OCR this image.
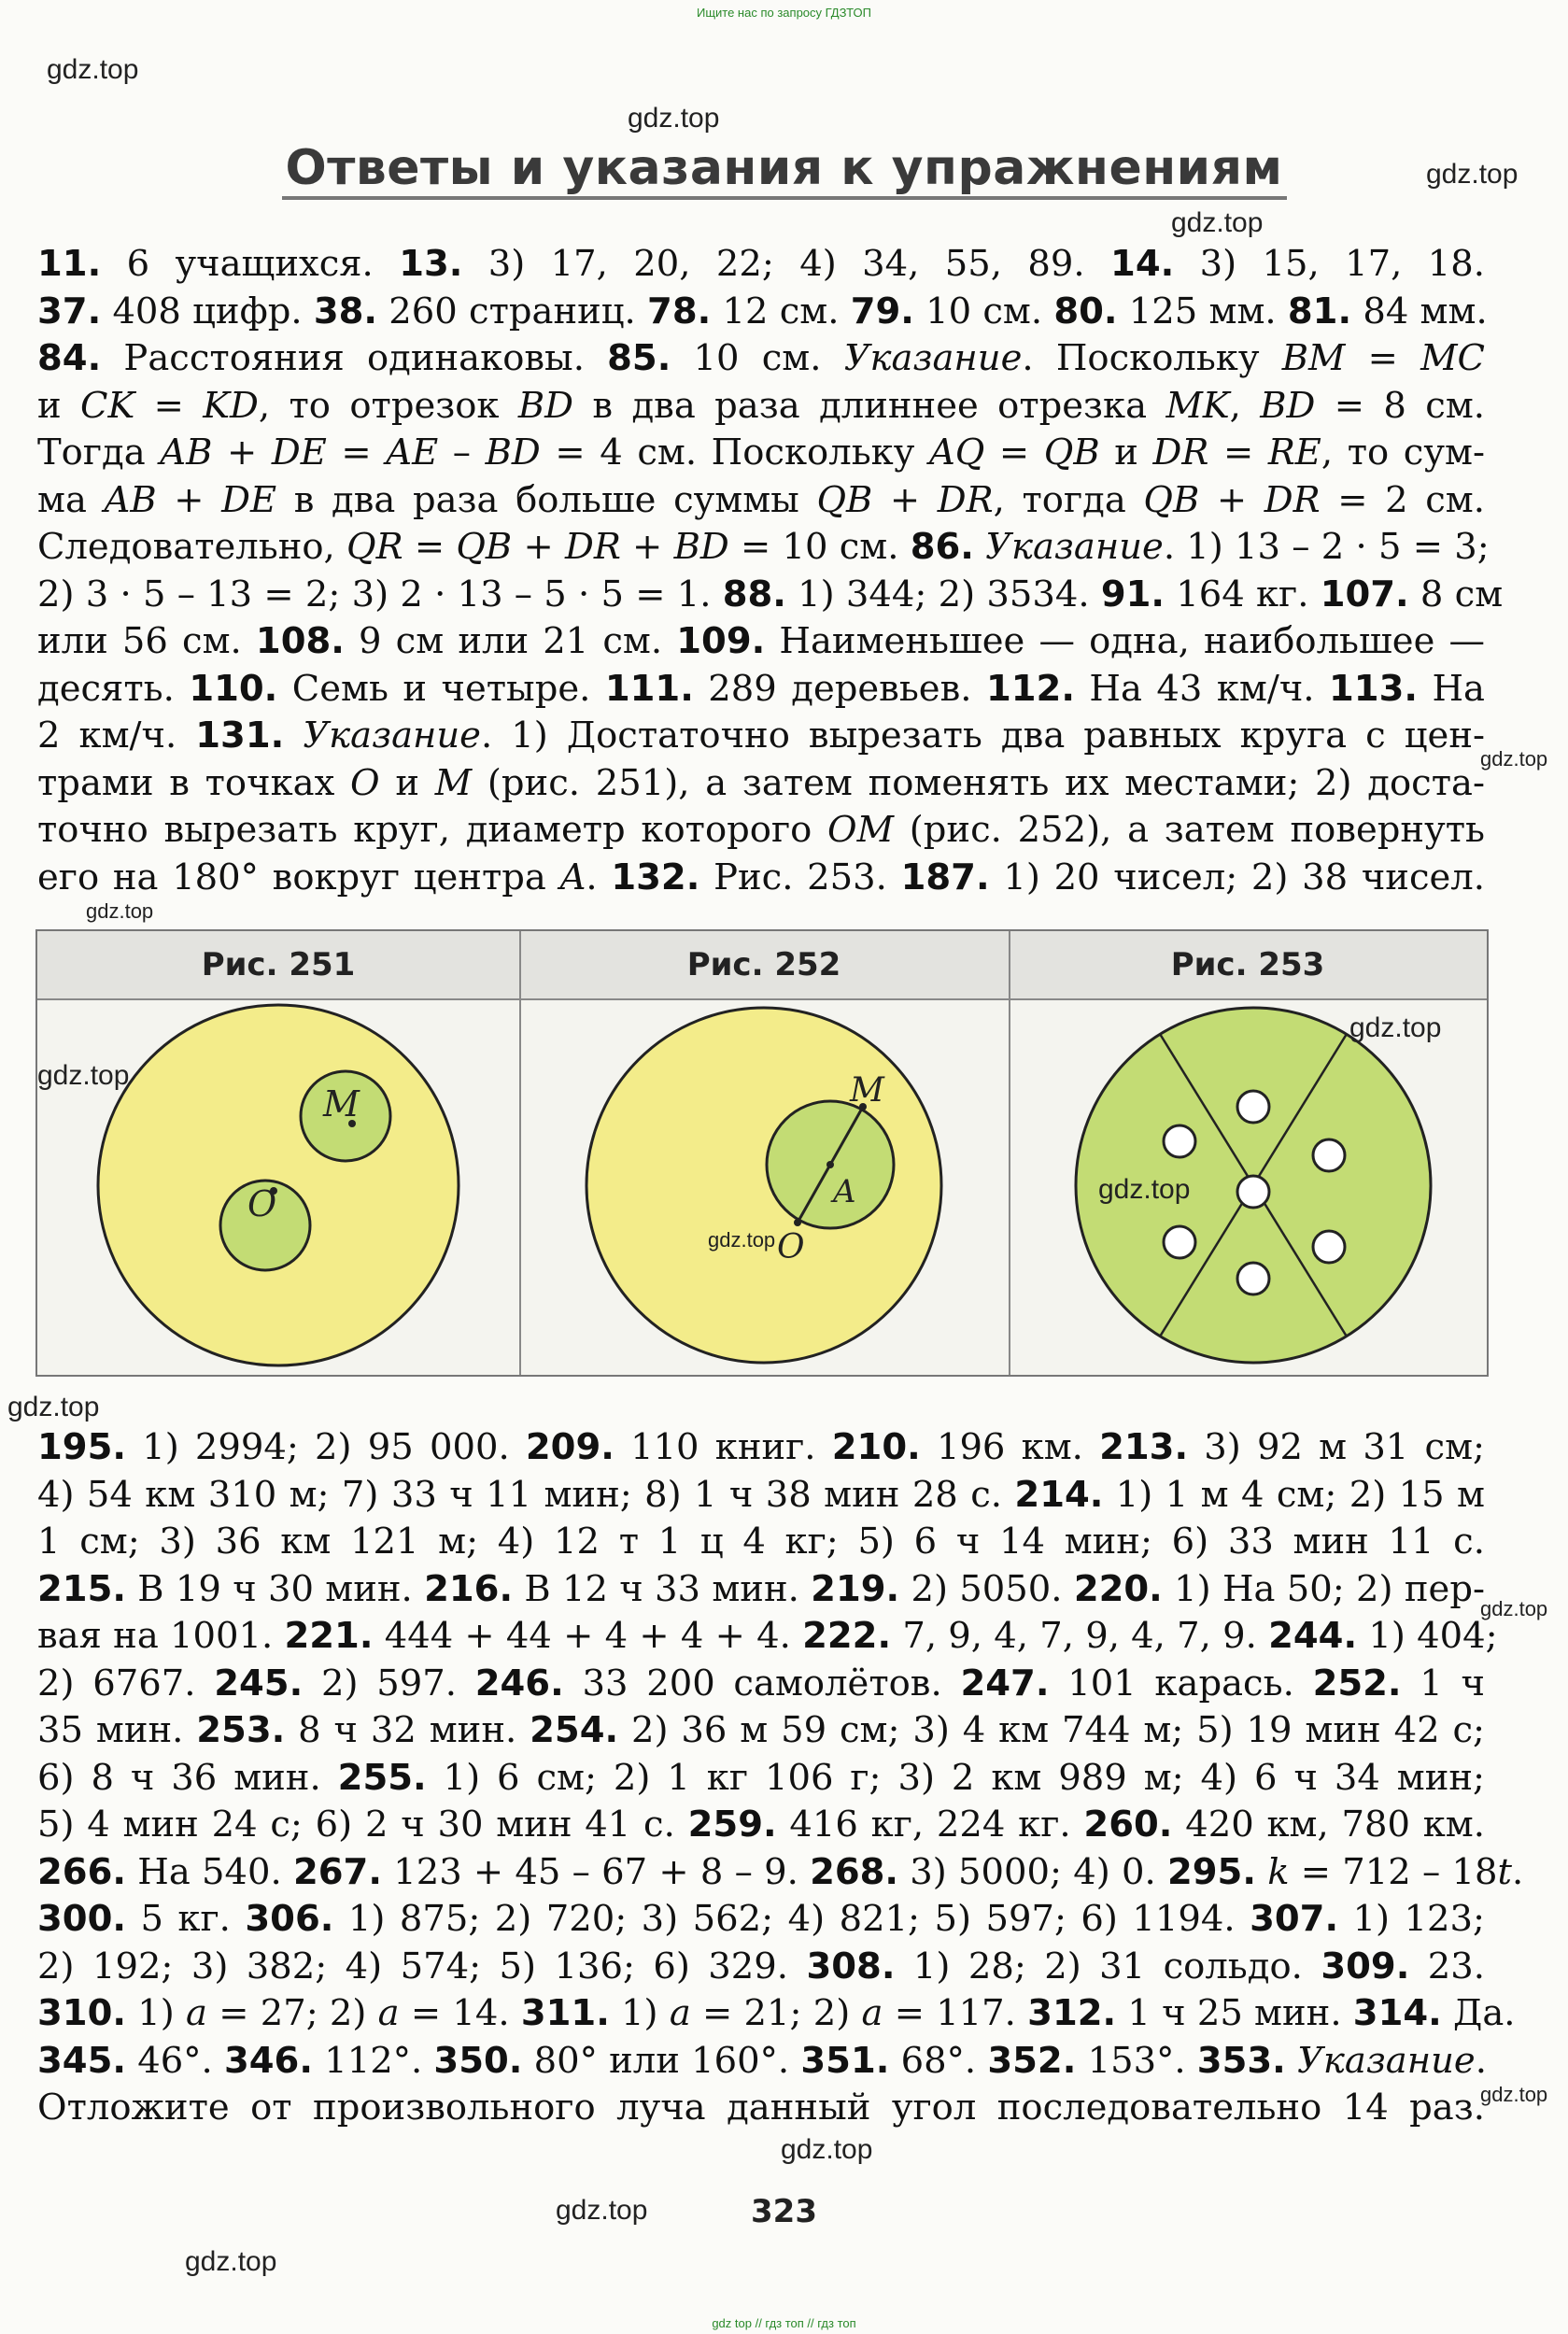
Ищите нас по запросу ГДЗТОП
gdz.top
gdz.top
gdz.top
gdz.top
Ответы и указания к упражнениям
11. 6 учащихся. 13. 3) 17, 20, 22; 4) 34, 55, 89. 14. 3) 15, 17, 18.
37. 408 цифр. 38. 260 страниц. 78. 12 см. 79. 10 см. 80. 125 мм. 81. 84 мм.
84. Расстояния одинаковы. 85. 10 см. Указание. Поскольку BM = MC
и CK = KD, то отрезок BD в два раза длиннее отрезка MK, BD = 8 см.
Тогда AB + DE = AE – BD = 4 см. Поскольку AQ = QB и DR = RE, то сум-
ма AB + DE в два раза больше суммы QB + DR, тогда QB + DR = 2 см.
Следовательно, QR = QB + DR + BD = 10 см. 86. Указание. 1) 13 – 2 · 5 = 3;
2) 3 · 5 – 13 = 2; 3) 2 · 13 – 5 · 5 = 1. 88. 1) 344; 2) 3534. 91. 164 кг. 107. 8 см
или 56 см. 108. 9 см или 21 см. 109. Наименьшее — одна, наибольшее —
десять. 110. Семь и четыре. 111. 289 деревьев. 112. На 43 км/ч. 113. На
2 км/ч. 131. Указание. 1) Достаточно вырезать два равных круга с цен-
трами в точках O и M (рис. 251), а затем поменять их местами; 2) доста-
точно вырезать круг, диаметр которого OM (рис. 252), а затем повернуть
его на 180° вокруг центра A. 132. Рис. 253. 187. 1) 20 чисел; 2) 38 чисел.
gdz.top
gdz.top
Рис. 251
O
M
Рис. 252
M
A
O
Рис. 253
gdz.top
gdz.top
gdz.top
gdz.top
gdz.top
195. 1) 2994; 2) 95 000. 209. 110 книг. 210. 196 км. 213. 3) 92 м 31 см;
4) 54 км 310 м; 7) 33 ч 11 мин; 8) 1 ч 38 мин 28 с. 214. 1) 1 м 4 см; 2) 15 м
1 см; 3) 36 км 121 м; 4) 12 т 1 ц 4 кг; 5) 6 ч 14 мин; 6) 33 мин 11 с.
215. В 19 ч 30 мин. 216. В 12 ч 33 мин. 219. 2) 5050. 220. 1) На 50; 2) пер-
вая на 1001. 221. 444 + 44 + 4 + 4 + 4. 222. 7, 9, 4, 7, 9, 4, 7, 9. 244. 1) 404;
2) 6767. 245. 2) 597. 246. 33 200 самолётов. 247. 101 карась. 252. 1 ч
35 мин. 253. 8 ч 32 мин. 254. 2) 36 м 59 см; 3) 4 км 744 м; 5) 19 мин 42 с;
6) 8 ч 36 мин. 255. 1) 6 см; 2) 1 кг 106 г; 3) 2 км 989 м; 4) 6 ч 34 мин;
5) 4 мин 24 с; 6) 2 ч 30 мин 41 с. 259. 416 кг, 224 кг. 260. 420 км, 780 км.
266. На 540. 267. 123 + 45 – 67 + 8 – 9. 268. 3) 5000; 4) 0. 295. k = 712 – 18t.
300. 5 кг. 306. 1) 875; 2) 720; 3) 562; 4) 821; 5) 597; 6) 1194. 307. 1) 123;
2) 192; 3) 382; 4) 574; 5) 136; 6) 329. 308. 1) 28; 2) 31 сольдо. 309. 23.
310. 1) a = 27; 2) a = 14. 311. 1) a = 21; 2) a = 117. 312. 1 ч 25 мин. 314. Да.
345. 46°. 346. 112°. 350. 80° или 160°. 351. 68°. 352. 153°. 353. Указание.
Отложите от произвольного луча данный угол последовательно 14 раз.
gdz.top
gdz.top
gdz.top
323
gdz.top
gdz.top
gdz top // гдз топ // гдз топ
